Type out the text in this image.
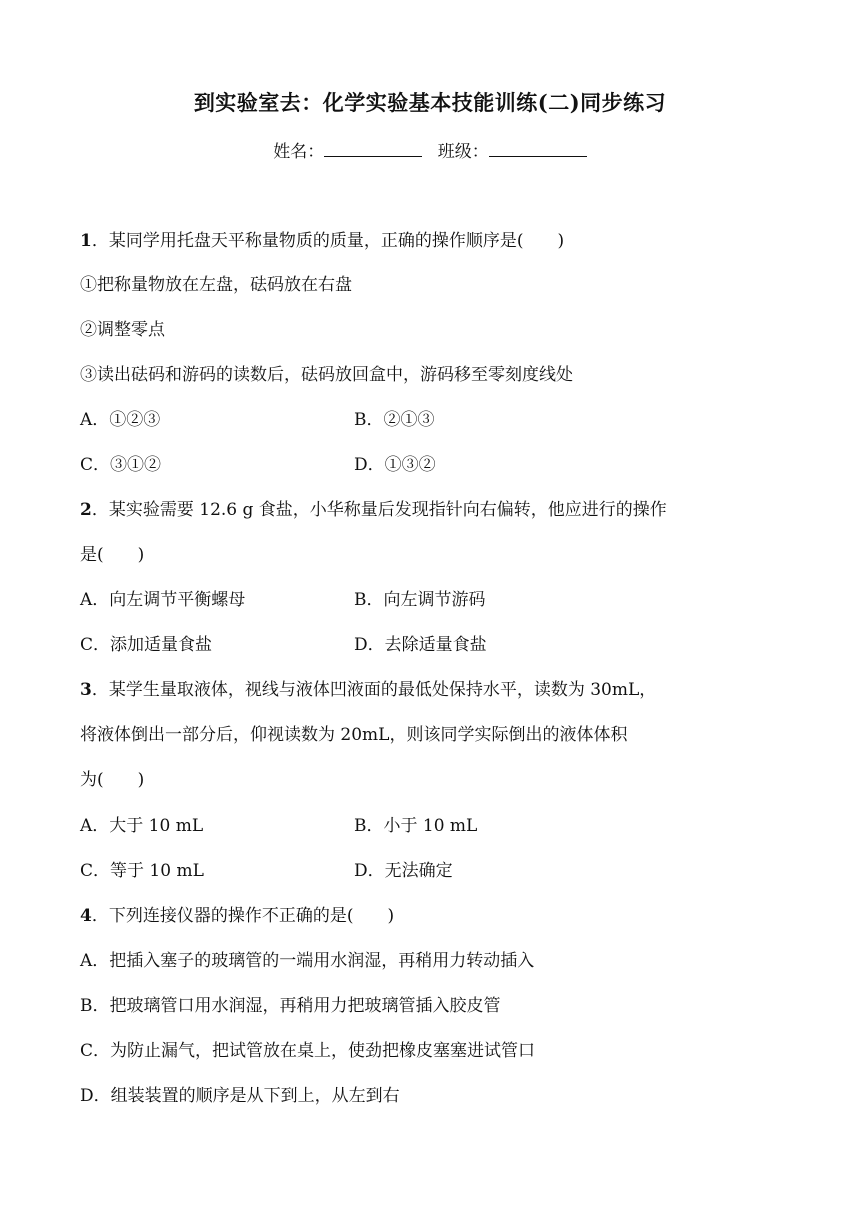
到实验室去：化学实验基本技能训练(二)同步练习
姓名：	班级：
1．某同学用托盘天平称量物质的质量，正确的操作顺序是(　　)
①把称量物放在左盘，砝码放在右盘
②调整零点
③读出砝码和游码的读数后，砝码放回盒中，游码移至零刻度线处
A．①②③	B．②①③
C．③①②	D．①③②
2．某实验需要 12.6 g 食盐，小华称量后发现指针向右偏转，他应进行的操作
是(　　)
A．向左调节平衡螺母	B．向左调节游码
C．添加适量食盐	D．去除适量食盐
3．某学生量取液体，视线与液体凹液面的最低处保持水平，读数为 30mL，
将液体倒出一部分后，仰视读数为 20mL，则该同学实际倒出的液体体积
为(　　)
A．大于 10 mL	B．小于 10 mL
C．等于 10 mL	D．无法确定
4．下列连接仪器的操作不正确的是(　　)
A．把插入塞子的玻璃管的一端用水润湿，再稍用力转动插入
B．把玻璃管口用水润湿，再稍用力把玻璃管插入胶皮管
C．为防止漏气，把试管放在桌上，使劲把橡皮塞塞进试管口
D．组装装置的顺序是从下到上，从左到右
